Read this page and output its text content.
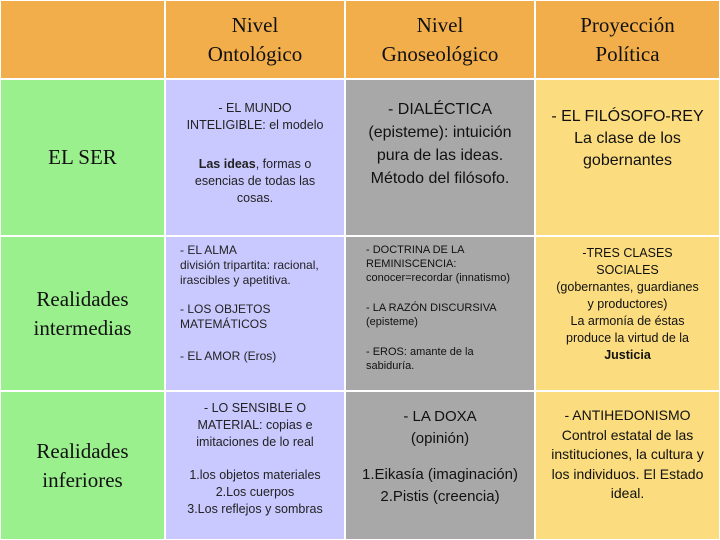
Nivel
Ontológico
Nivel
Gnoseológico
Proyección
Política
EL SER

- EL MUNDO INTELIGIBLE: el modelo

Las ideas, formas o esencias de todas las cosas.

- DIALÉCTICA (episteme): intuición pura de las ideas. Método del filósofo.

- EL FILÓSOFO-REY

La clase de los gobernantes

Realidades
intermedias

- EL ALMA

división tripartita: racional, irascibles y apetitiva.

- LOS OBJETOS MATEMÁTICOS

- EL AMOR (Eros)

- DOCTRINA DE LA REMINISCENCIA: conocer=recordar (innatismo)

- LA RAZÓN DISCURSIVA (episteme)

- EROS: amante de la sabiduría.

-TRES CLASES SOCIALES (gobernantes, guardianes y productores)

La armonía de éstas produce la virtud de la
Justicia

Realidades
inferiores

- LO SENSIBLE O MATERIAL: copias e imitaciones de lo real

1.los objetos materiales
2.Los cuerpos
3.Los reflejos y sombras

- LA DOXA (opinión)

1.Eikasía (imaginación)
2.Pistis (creencia)

- ANTIHEDONISMO Control estatal de las instituciones, la cultura y los individuos. El Estado ideal.
